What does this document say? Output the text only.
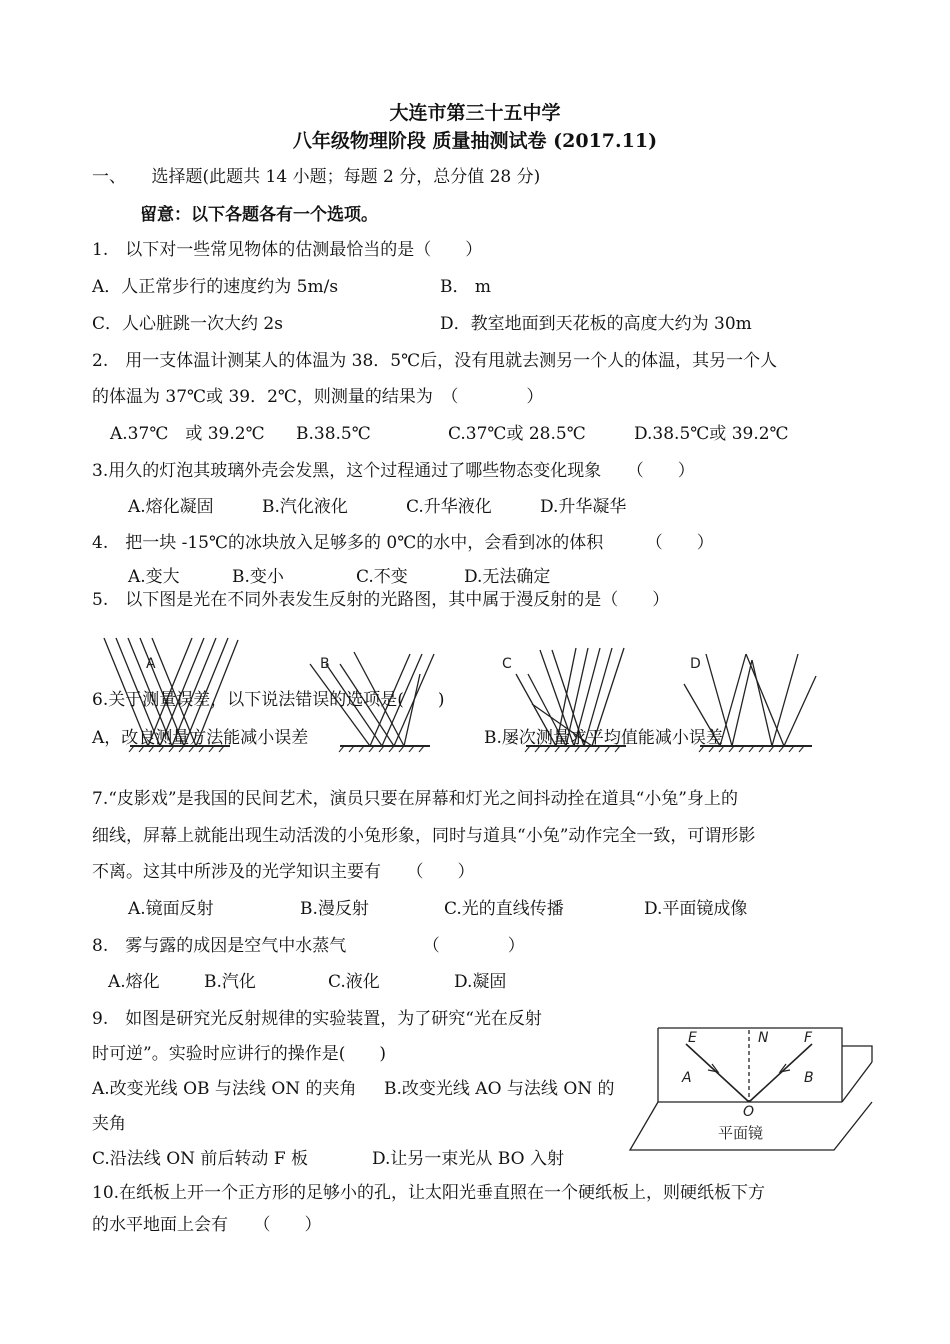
大连市第三十五中学
八年级物理阶段 质量抽测试卷 (2017.11)
一、　　选择题(此题共 14 小题；每题 2 分，总分值 28 分)
留意：以下各题各有一个选项。
1.　以下对一些常见物体的估测最恰当的是（　　）
A．人正常步行的速度约为 5m/s	B． m
C．人心脏跳一次大约 2s	D．教室地面到天花板的高度大约为 30m
2.　用一支体温计测某人的体温为 38．5℃后，没有甩就去测另一个人的体温，其另一个人
的体温为 37℃或 39．2℃，则测量的结果为　（　　　　）
A.37℃　或 39.2℃ B.38.5℃	C.37℃或 28.5℃	D.38.5℃或 39.2℃
3.用久的灯泡其玻璃外壳会发黑，这个过程通过了哪些物态变化现象　　（　　）
A.熔化凝固	B.汽化液化	C.升华液化	D.升华凝华
4.　把一块 -15℃的冰块放入足够多的 0℃的水中，会看到冰的体积　　　（　　）
A.变大	B.变小	C.不变	D.无法确定
5.　以下图是光在不同外表发生反射的光路图，其中属于漫反射的是（　　）
A	B	C	D
6.关于测量误差，以下说法错误的选项是(　　)
A，改良测量方法能减小误差	B.屡次测量求平均值能减小误差
7.“皮影戏”是我国的民间艺术，演员只要在屏幕和灯光之间抖动拴在道具“小兔”身上的
细线，屏幕上就能出现生动活泼的小兔形象，同时与道具“小兔”动作完全一致，可谓形影
不离。这其中所涉及的光学知识主要有　　（　　）
A.镜面反射	B.漫反射	C.光的直线传播	D.平面镜成像
8.　雾与露的成因是空气中水蒸气　　　　　（　　　　）
A.熔化	B.汽化	C.液化	D.凝固
9.　如图是研究光反射规律的实验装置，为了研究“光在反射
时可逆”。实验时应讲行的操作是(　　)
A.改变光线 OB 与法线 ON 的夹角 B.改变光线 AO 与法线 ON 的
夹角
C.沿法线 ON 前后转动 F 板	D.让另一束光从 BO 入射
E	N	F
A	B
O
平面镜
10.在纸板上开一个正方形的足够小的孔，让太阳光垂直照在一个硬纸板上，则硬纸板下方
的水平地面上会有　　（　　）
